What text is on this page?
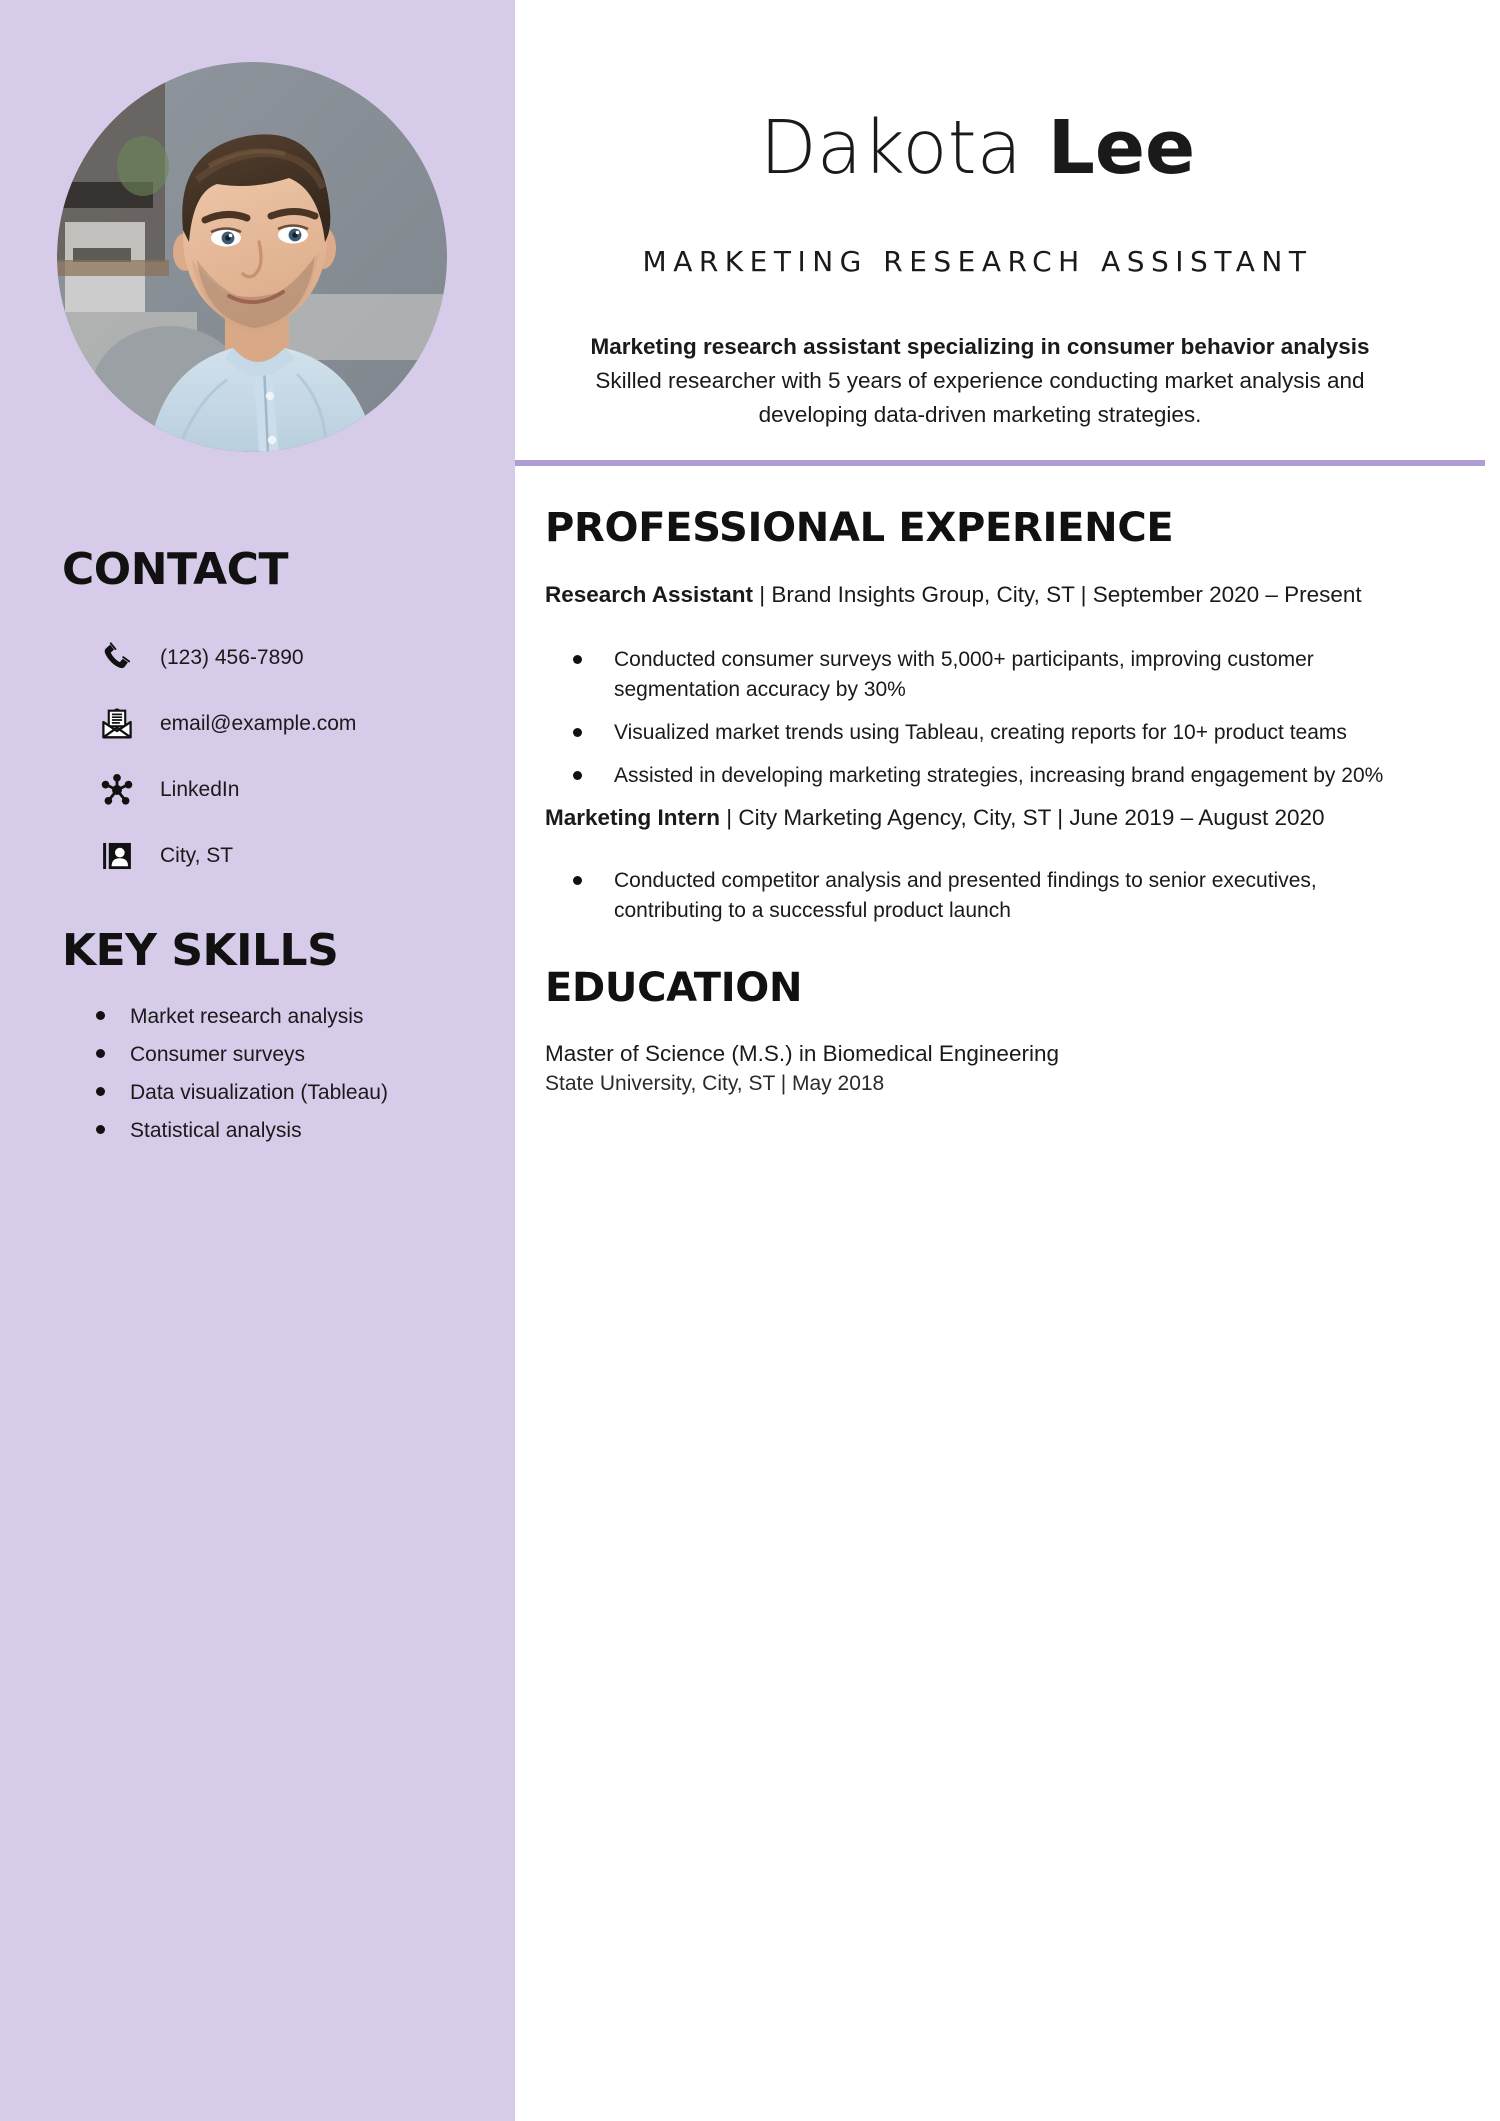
CONTACT
(123) 456-7890
email@example.com
LinkedIn
City, ST
KEY SKILLS
Market research analysis
Consumer surveys
Data visualization (Tableau)
Statistical analysis
Dakota Lee
MARKETING RESEARCH ASSISTANT
Marketing research assistant specializing in consumer behavior analysis
Skilled researcher with 5 years of experience conducting market analysis and developing data-driven marketing strategies.
PROFESSIONAL EXPERIENCE
Research Assistant | Brand Insights Group, City, ST | September 2020 – Present
Conducted consumer surveys with 5,000+ participants, improving customer segmentation accuracy by 30%
Visualized market trends using Tableau, creating reports for 10+ product teams
Assisted in developing marketing strategies, increasing brand engagement by 20%
Marketing Intern | City Marketing Agency, City, ST | June 2019 – August 2020
Conducted competitor analysis and presented findings to senior executives, contributing to a successful product launch
EDUCATION
Master of Science (M.S.) in Biomedical Engineering
State University, City, ST | May 2018
